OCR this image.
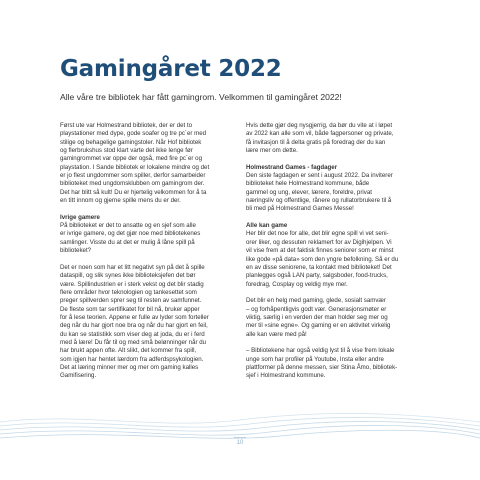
Gamingåret 2022

Alle våre tre bibliotek har fått gamingrom. Velkommen til gamingåret 2022!

Først ute var Holmestrand bibliotek, der er det to
playstationer med dype, gode soafer og tre pc´er med
stilige og behagelige gamingstoler. Når Hof bibliotek
og flerbrukshus stod klart varte det ikke lenge før
gamingrommet var oppe der også, med fire pc´er og
playstation. I Sande bibliotek er lokalene mindre og det
er jo flest ungdommer som spiller, derfor samarbeider
biblioteket med ungdomsklubben om gamingrom der.
Det har blitt så kult! Du er hjertelig velkommen for å ta
en titt innom og gjerne spille mens du er der.

Ivrige gamere
På biblioteket er det to ansatte og en sjef som alle
er ivrige gamere, og det gjør noe med bibliotekenes
samlinger. Visste du at det er mulig å låne spill på
biblioteket?

Det er noen som har et litt negativt syn på det å spille
dataspill, og slik synes ikke biblioteksjefen det bør
være. Spillindustrien er i sterk vekst og det blir stadig
flere områder hvor teknologien og tankesettet som
preger spillverden sprer seg til resten av samfunnet.
De fleste som tar sertifikatet for bil nå, bruker apper
for å lese teorien. Appene er fulle av lyder som forteller
deg når du har gjort noe bra og når du har gjort en feil,
du kan se statistikk som viser deg at joda, du er i ferd
med å lære! Du får til og med små belønninger når du
har brukt appen ofte. Alt slikt, det kommer fra spill,
som igjen har hentet lærdom fra adferdspsykologien.
Det at læring minner mer og mer om gaming kalles
Gamifisering.

Hvis dette gjør deg nysgjerrig, da bør du vite at i løpet
av 2022 kan alle som vil, både fagpersoner og private,
få invitasjon til å delta gratis på foredrag der du kan
lære mer om dette.

Holmestrand Games - fagdager
Den siste fagdagen er sent i august 2022. Da inviterer
biblioteket hele Holmestrand kommune, både
gammel og ung, elever, lærere, foreldre, privat
næringsliv og offentlige, rånere og rullatorbrukere til å
bli med på Holmestrand Games Messe!

Alle kan game
Her blir det noe for alle, det blir egne spill vi vet seni-
orer liker, og dessuten reklamert for av Digihjelpen. Vi
vil vise frem at det faktisk finnes seniorer som er minst
like gode «på data» som den yngre befolkning. Så er du
en av disse seniorene, ta kontakt med biblioteket! Det
planlegges også LAN party, salgsboder, food-trucks,
foredrag, Cosplay og veldig mye mer.

Det blir en helg med gaming, glede, sosialt samvær
– og forhåpentligvis godt vær. Generasjonsmøter er
viktig, særlig i en verden der man holder seg mer og
mer til «sine egne». Og gaming er en aktivitet virkelig
alle kan være med på!

– Bibliotekene har også veldig lyst til å vise frem lokale
unge som har profiler på Youtube, Insta eller andre
plattformer på denne messen, sier Stina Åmo, bibliotek-
sjef i Holmestrand kommune.

10
